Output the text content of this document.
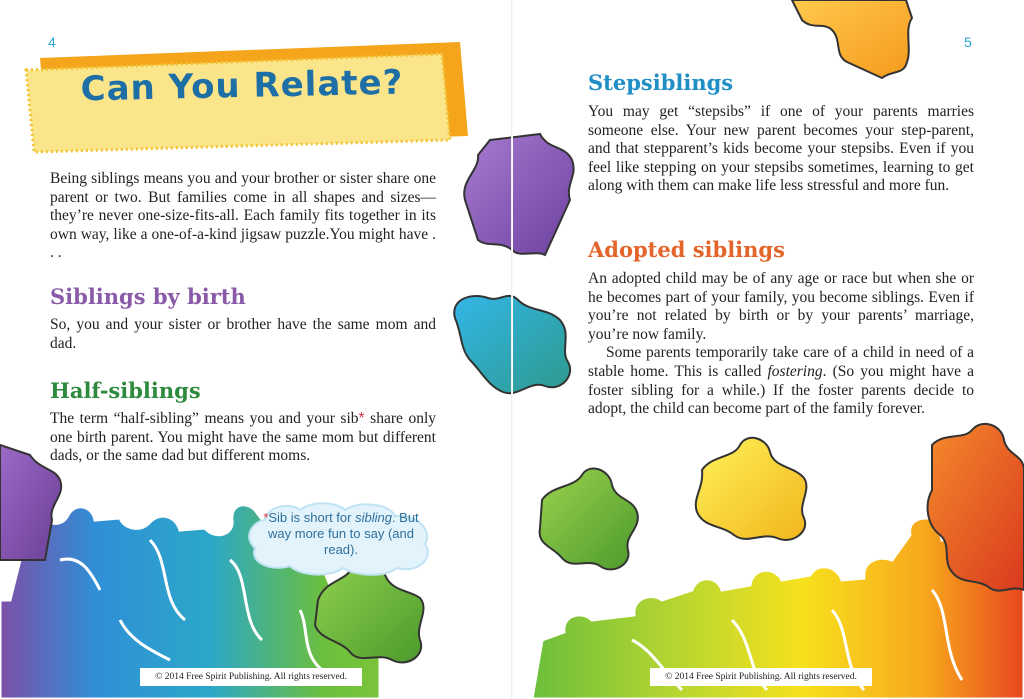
Can You Relate?
4
Being siblings means you and your brother or sister share one parent or two. But families come in all shapes and sizes—they’re never one-size-fits-all. Each family fits together in its own way, like a one-of-a-kind jigsaw puzzle.You might have . . .
Siblings by birth
So, you and your sister or brother have the same mom and dad.
Half-siblings
The term “half-sibling” means you and your sib* share only one birth parent. You might have the same mom but different dads, or the same dad but different moms.
*Sib is short for sibling. But way more fun to say (and read).
© 2014 Free Spirit Publishing. All rights reserved.
5
Stepsiblings
You may get “stepsibs” if one of your parents marries someone else. Your new parent becomes your step-parent, and that stepparent’s kids become your stepsibs. Even if you feel like stepping on your stepsibs sometimes, learning to get along with them can make life less stressful and more fun.
Adopted siblings

An adopted child may be of any age or race but when she or he becomes part of your family, you become siblings. Even if you’re not related by birth or by your parents’ marriage, you’re now family.

Some parents temporarily take care of a child in need of a stable home. This is called fostering. (So you might have a foster sibling for a while.) If the foster parents decide to adopt, the child can become part of the family forever.

© 2014 Free Spirit Publishing. All rights reserved.
